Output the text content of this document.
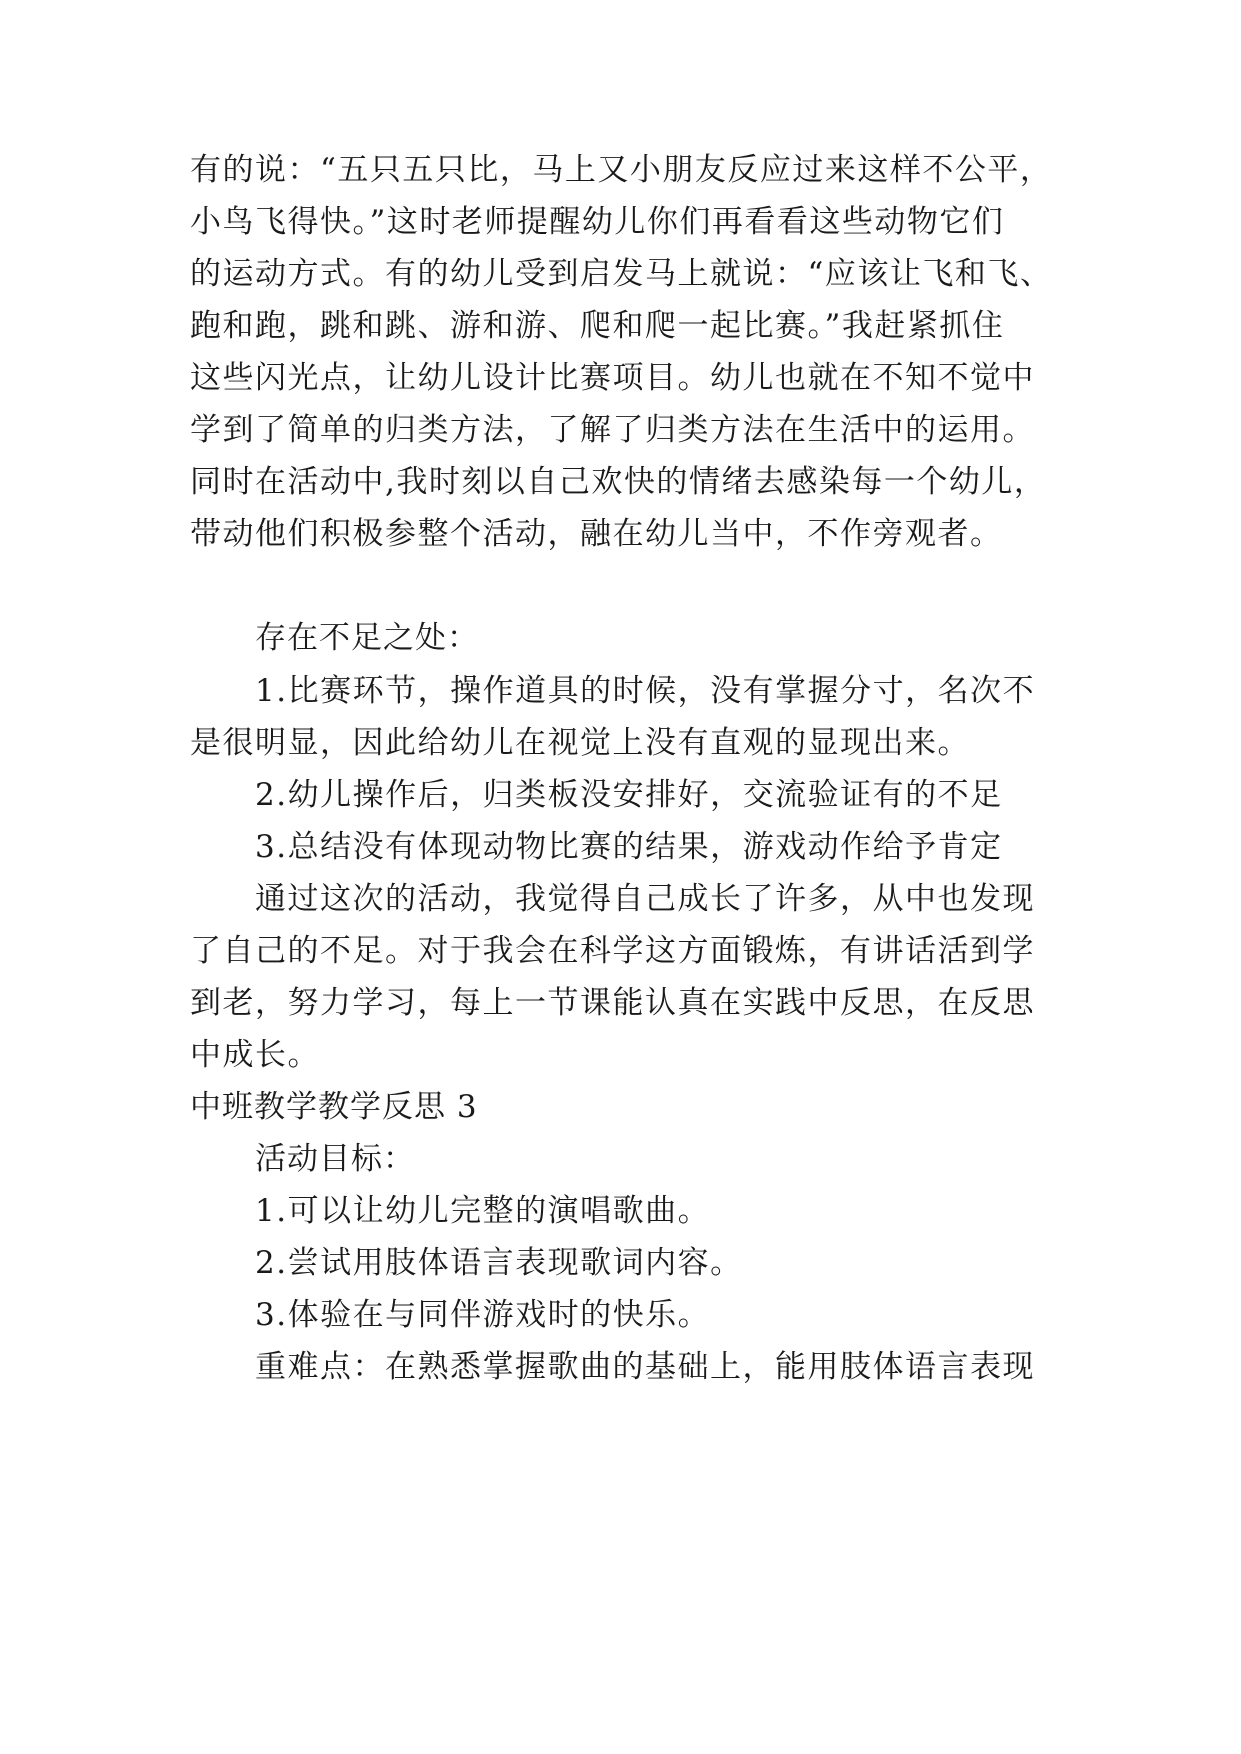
有的说：“五只五只比，马上又小朋友反应过来这样不公平，
小鸟飞得快。”这时老师提醒幼儿你们再看看这些动物它们
的运动方式。有的幼儿受到启发马上就说：“应该让飞和飞、
跑和跑，跳和跳、游和游、爬和爬一起比赛。”我赶紧抓住
这些闪光点，让幼儿设计比赛项目。幼儿也就在不知不觉中
学到了简单的归类方法，了解了归类方法在生活中的运用。
同时在活动中,我时刻以自己欢快的情绪去感染每一个幼儿，
带动他们积极参整个活动，融在幼儿当中，不作旁观者。
存在不足之处：
1.比赛环节，操作道具的时候，没有掌握分寸，名次不
是很明显，因此给幼儿在视觉上没有直观的显现出来。
2.幼儿操作后，归类板没安排好，交流验证有的不足
3.总结没有体现动物比赛的结果，游戏动作给予肯定
通过这次的活动，我觉得自己成长了许多，从中也发现
了自己的不足。对于我会在科学这方面锻炼，有讲话活到学
到老，努力学习，每上一节课能认真在实践中反思，在反思
中成长。
中班教学教学反思 3
活动目标：
1.可以让幼儿完整的演唱歌曲。
2.尝试用肢体语言表现歌词内容。
3.体验在与同伴游戏时的快乐。
重难点：在熟悉掌握歌曲的基础上，能用肢体语言表现
